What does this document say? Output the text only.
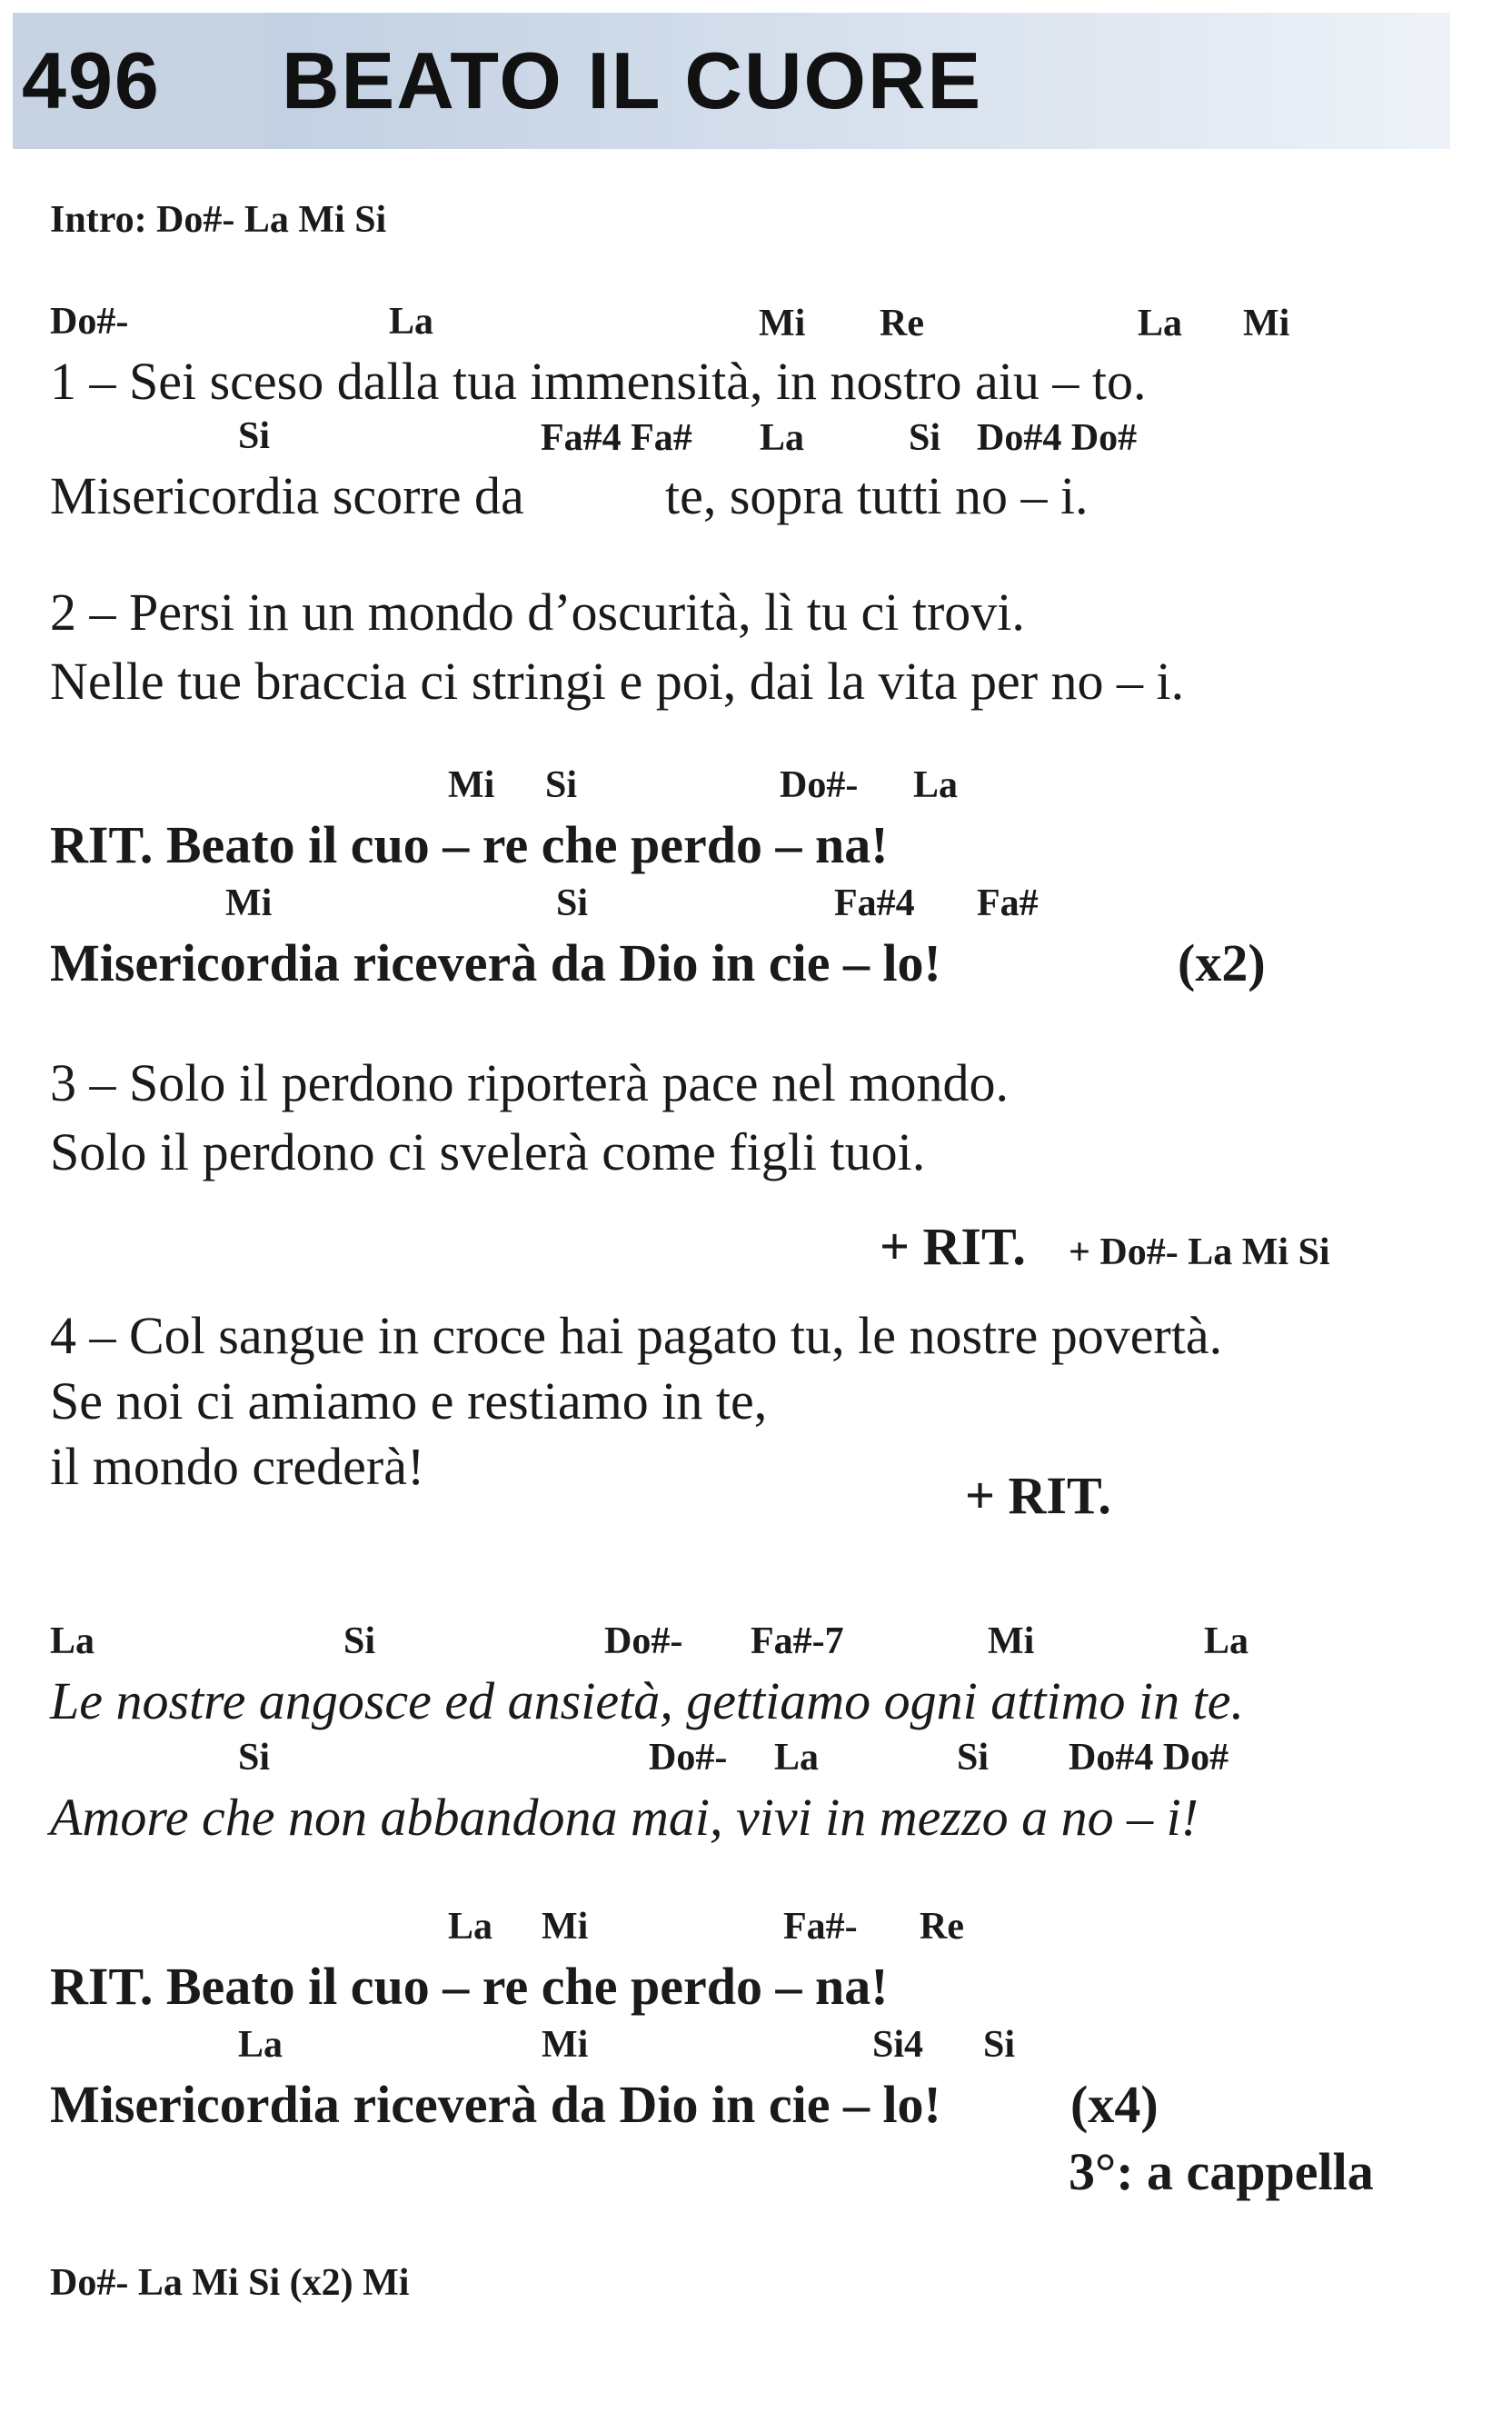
496 BEATO IL CUORE
Intro: Do#- La Mi Si
Do#-	La	Mi Re	La Mi
1 – Sei sceso dalla tua immensità, in nostro aiu – to.
Si	Fa#4 Fa# La	Si Do#4 Do#
Misericordia scorre da	te, sopra tutti no – i.
2 – Persi in un mondo d’oscurità, lì tu ci trovi.
Nelle tue braccia ci stringi e poi, dai la vita per no – i.
Mi Si	Do#- La
RIT. Beato il cuo – re che perdo – na!
Mi	Si	Fa#4 Fa#
Misericordia riceverà da Dio in cie – lo!	(x2)
3 – Solo il perdono riporterà pace nel mondo.
Solo il perdono ci svelerà come figli tuoi.
+ RIT. + Do#- La Mi Si
4 – Col sangue in croce hai pagato tu, le nostre povertà.
Se noi ci amiamo e restiamo in te,
il mondo crederà!	+ RIT.
La	Si	Do#- Fa#-7	Mi	La
Le nostre angosce ed ansietà, gettiamo ogni attimo in te.
Si	Do#- La	Si Do#4 Do#
Amore che non abbandona mai, vivi in mezzo a no – i!
La Mi	Fa#- Re
RIT. Beato il cuo – re che perdo – na!
La	Mi	Si4 Si
Misericordia riceverà da Dio in cie – lo! (x4)
3°: a cappella
Do#- La Mi Si (x2) Mi
